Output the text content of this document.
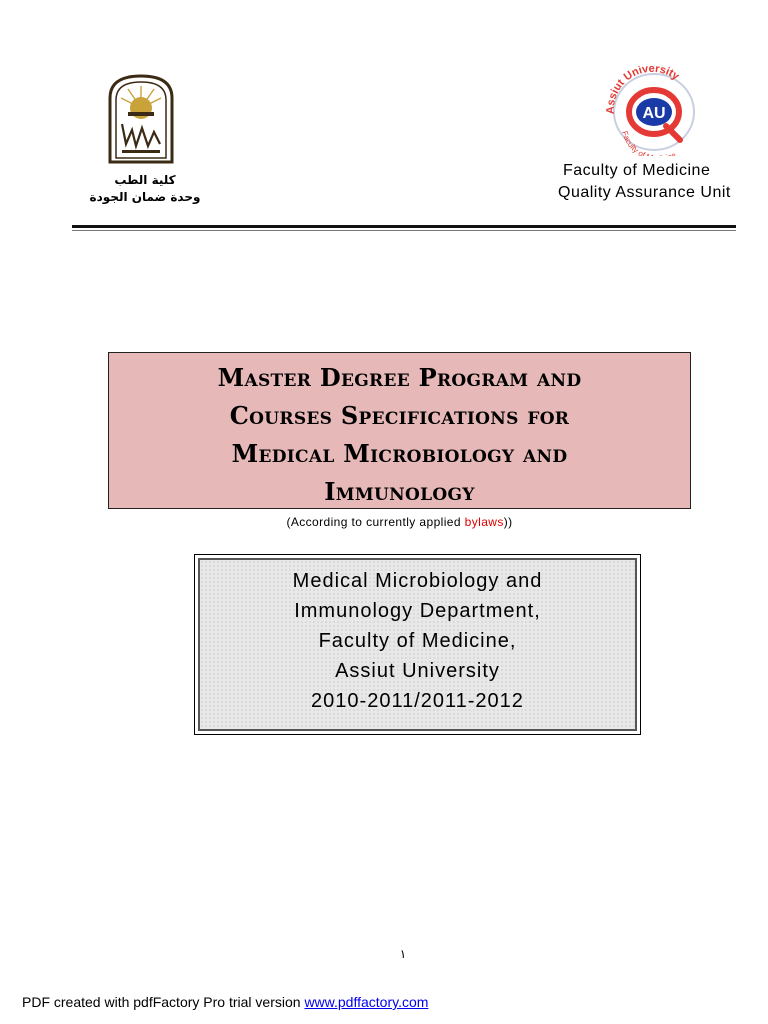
كلية الطب
وحدة ضمان الجودة
AU
Assiut University
Faculty of e
Faculty of Medicine
Quality Assurance Unit
Master Degree Program and
Courses Specifications for
Medical Microbiology and
Immunology
(According to currently applied bylaws))
Medical Microbiology and
Immunology Department,
Faculty of Medicine,
Assiut University
2010-2011/2011-2012
١
PDF created with pdfFactory Pro trial version www.pdffactory.com
